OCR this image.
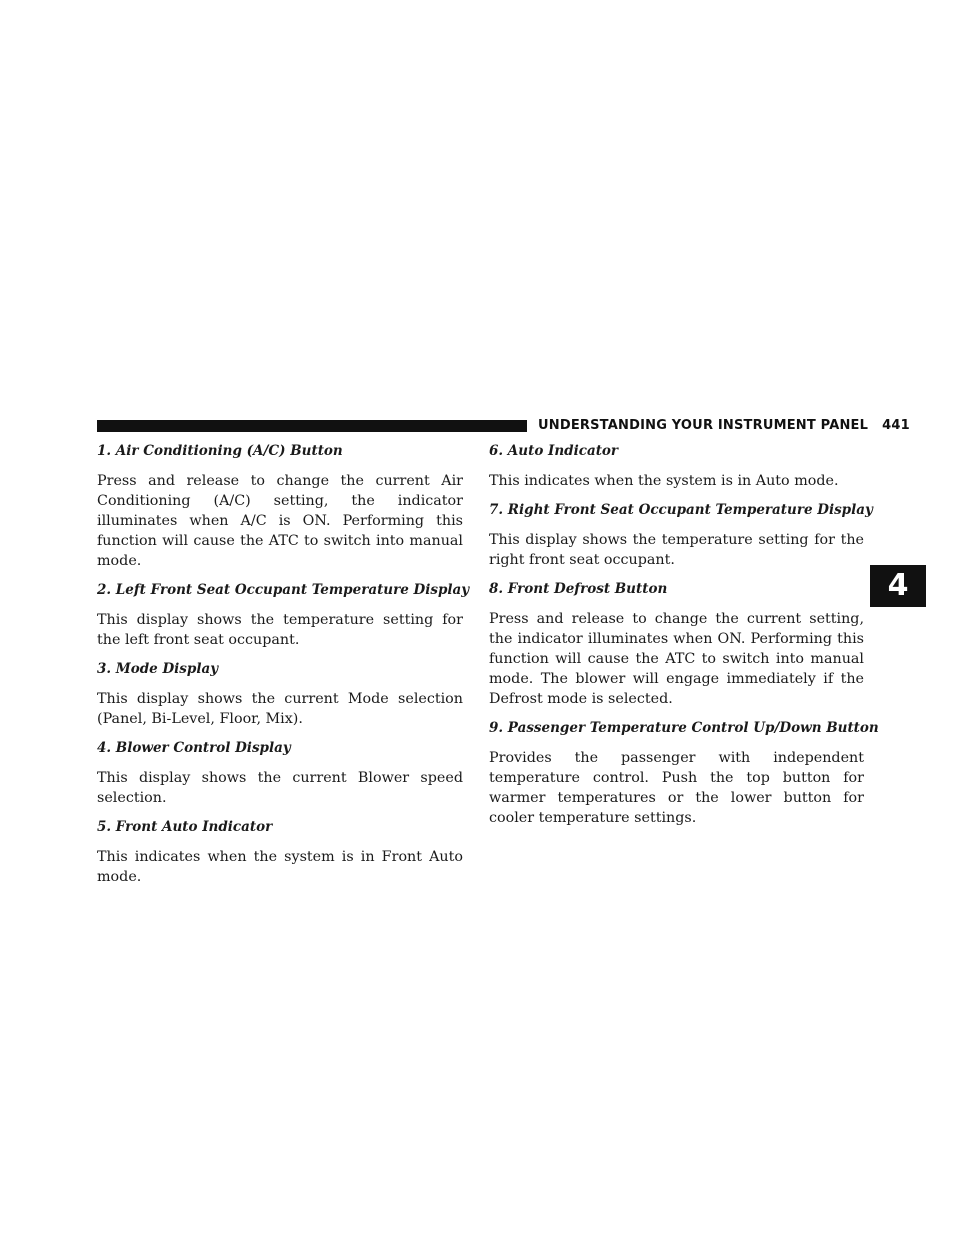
UNDERSTANDING YOUR INSTRUMENT PANEL 441
4

1. Air Conditioning (A/C) Button

Press and release to change the current Air Conditioning (A/C) setting, the indicator illuminates when A/C is ON. Performing this function will cause the ATC to switch into manual mode.

2. Left Front Seat Occupant Temperature Display

This display shows the temperature setting for the left front seat occupant.

3. Mode Display

This display shows the current Mode selection (Panel, Bi-Level, Floor, Mix).

4. Blower Control Display

This display shows the current Blower speed selection.

5. Front Auto Indicator

This indicates when the system is in Front Auto mode.

6. Auto Indicator

This indicates when the system is in Auto mode.

7. Right Front Seat Occupant Temperature Display

This display shows the temperature setting for the right front seat occupant.

8. Front Defrost Button

Press and release to change the current setting, the indicator illuminates when ON. Performing this function will cause the ATC to switch into manual mode. The blower will engage immediately if the Defrost mode is selected.

9. Passenger Temperature Control Up/Down Button

Provides the passenger with independent temperature control. Push the top button for warmer temperatures or the lower button for cooler temperature settings.
